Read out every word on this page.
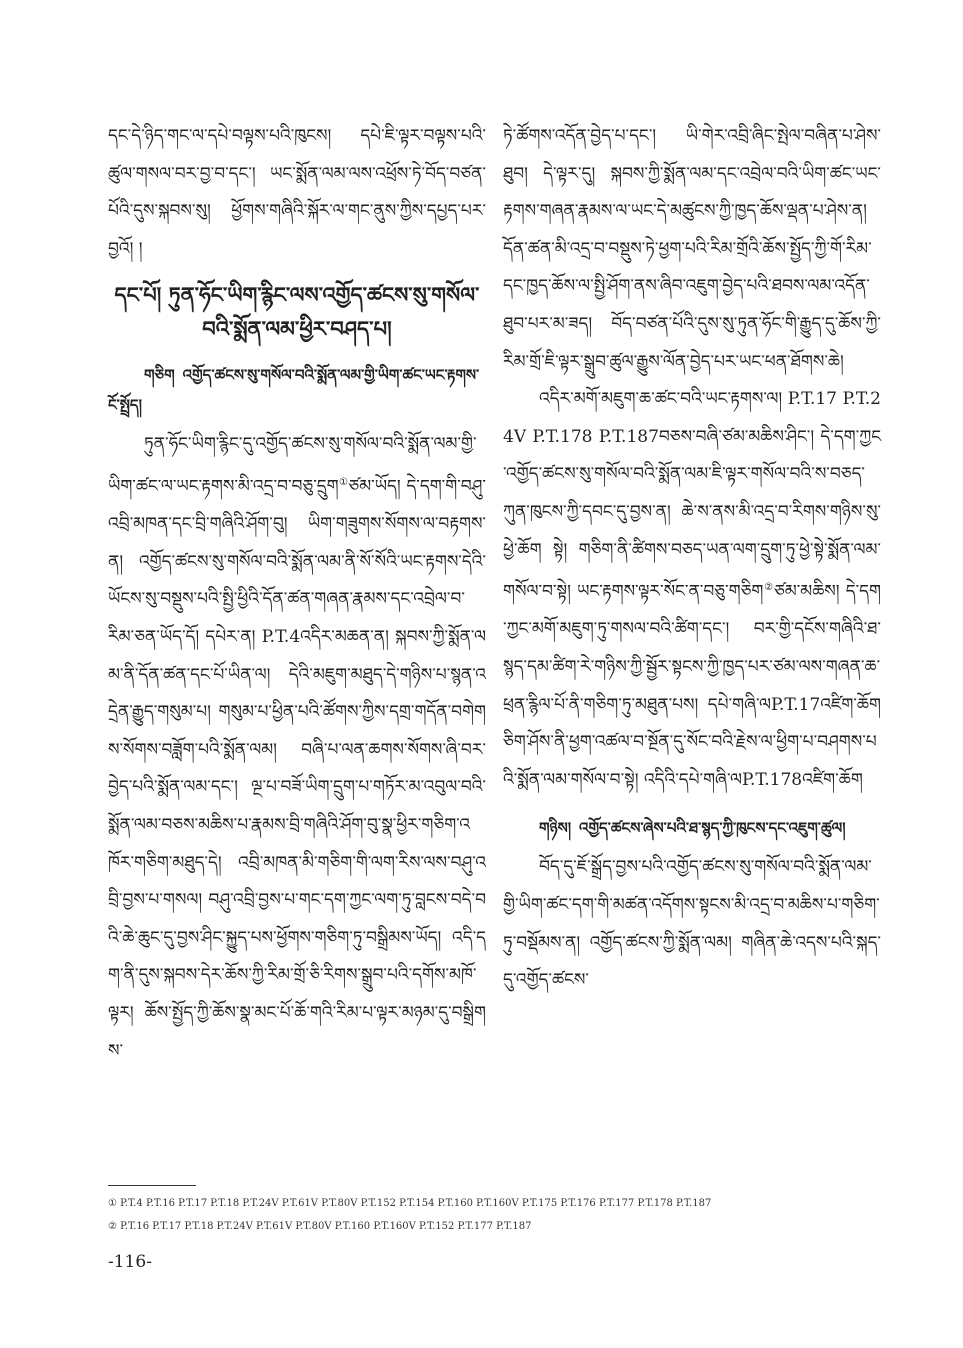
དང་དེ་ཉིད་གང་ལ་དཔེ་བལྟས་པའི་ཁུངས། དཔེ་ཇི་ལྟར་བལྟས་པའི་ཚུལ་གསལ་བར་བྱ་བ་དང་། ཡང་སྨོན་ལམ་ལས་འཕྲོས་ཏེ་བོད་བཙན་པོའི་དུས་སྐབས་སུ། ཕྱོགས་གཞིའི་སྐོར་ལ་གང་ནུས་ཀྱིས་དཔྱད་པར་བྱའོ། །

དང་པོ། ཏུན་ཧོང་ཡིག་རྙིང་ལས་འགྱོད་ཚངས་སུ་གསོལ་བའི་སྨོན་ལམ་ཕྱིར་བཤད་པ།
གཅིག འགྱོད་ཚངས་སུ་གསོལ་བའི་སྨོན་ལམ་གྱི་ཡིག་ཚང་ཡང་རྟགས་ངོ་སྤྲོད།

ཏུན་ཧོང་ཡིག་རྙིང་དུ་འགྱོད་ཚངས་སུ་གསོལ་བའི་སྨོན་ལམ་གྱི་ཡིག་ཚང་ལ་ཡང་རྟགས་མི་འདྲ་བ་བཅུ་དྲུག①ཙམ་ཡོད། དེ་དག་གི་བཤུ་འབྲི་མཁན་དང་བྲི་གཞིའི་ཤོག་བུ། ཡིག་གཟུགས་སོགས་ལ་བརྟགས་ན། འགྱོད་ཚངས་སུ་གསོལ་བའི་སྨོན་ལམ་ནི་སོ་སོའི་ཡང་རྟགས་དེའི་ཡོངས་སུ་བསྡུས་པའི་སྤྱི་ཕྱིའི་དོན་ཚན་གཞན་རྣམས་དང་འབྲེལ་བ་རིམ་ཅན་ཡོད་དོ། དཔེར་ན། P.T.4འདིར་མཆན་ན། སྐབས་ཀྱི་སྨོན་ལམ་ནི་དོན་ཚན་དང་པོ་ཡིན་ལ། དེའི་མཇུག་མཐུད་དེ་གཉིས་པ་སྙན་འདྲེན་རྒྱུད་གསུམ་པ། གསུམ་པ་ཕྱིན་པའི་ཚོགས་ཀྱིས་དགྲ་གདོན་བགེགས་སོགས་བཟློག་པའི་སྨོན་ལམ། བཞི་པ་ལན་ཆགས་སོགས་ཞི་བར་བྱེད་པའི་སྨོན་ལམ་དང་། ལྔ་པ་བཟོ་ཡིག་དྲུག་པ་གཏོར་མ་འབུལ་བའི་སྨོན་ལམ་བཅས་མཆིས་པ་རྣམས་བྲི་གཞིའི་ཤོག་བུ་སྣ་ཕྱིར་གཅིག་འཁོར་གཅིག་མཐུད་དེ། འབྲི་མཁན་མི་གཅིག་གི་ལག་རིས་ལས་བཤུ་འབྲི་བྱས་པ་གསལ། བཤུ་འབྲི་བྱས་པ་གང་དག་ཀྱང་ལག་ཏུ་བླངས་བདེ་བའི་ཆེ་ཆུང་དུ་བྱས་ཤིང་སྐྱུད་པས་ཕྱོགས་གཅིག་ཏུ་བསྒྲིམས་ཡོད། འདི་དག་ནི་དུས་སྐབས་དེར་ཆོས་ཀྱི་རིམ་གྲོ་ཅི་རིགས་སྒྲུབ་པའི་དགོས་མཁོ་ལྟར། ཆོས་སྤྱོད་ཀྱི་ཆོས་སྣ་མང་པོ་ཆོ་གའི་རིམ་པ་ལྟར་མཉམ་དུ་བསྒྲིགས་

ཏེ་ཚོགས་འདོན་བྱེད་པ་དང་། ཡི་གེར་འབྲི་ཞིང་སྤེལ་བཞིན་པ་ཤེས་ཐུབ། དེ་ལྟར་དུ། སྐབས་ཀྱི་སྨོན་ལམ་དང་འབྲེལ་བའི་ཡིག་ཚང་ཡང་རྟགས་གཞན་རྣམས་ལ་ཡང་དེ་མཚུངས་ཀྱི་ཁྱད་ཆོས་ལྡན་པ་ཤེས་ན། དོན་ཚན་མི་འདྲ་བ་བསྡུས་ཏེ་ཕྱག་པའི་རིམ་གྲོའི་ཆོས་སྤྱོད་ཀྱི་གོ་རིམ་དང་ཁྱད་ཆོས་ལ་སྤྱི་ཤོག་ནས་ཞིབ་འཇུག་བྱེད་པའི་ཐབས་ལམ་འདོན་ཐུབ་པར་མ་ཟད། བོད་བཙན་པོའི་དུས་སུ་ཏུན་ཧོང་གི་རྒྱུད་དུ་ཆོས་ཀྱི་རིམ་གྲོ་ཇི་ལྟར་སྒྲུབ་ཚུལ་རྒྱུས་ལོན་བྱེད་པར་ཡང་ཕན་ཐོགས་ཆེ།

འདིར་མགོ་མཇུག་ཆ་ཚང་བའི་ཡང་རྟགས་ལ། P.T.17 P.T.24V P.T.178 P.T.187བཅས་བཞི་ཙམ་མཆིས་ཤིང་། དེ་དག་ཀྱང་འགྱོད་ཚངས་སུ་གསོལ་བའི་སྨོན་ལམ་ཇི་ལྟར་གསོལ་བའི་ས་བཅད་ཀུན་ཁུངས་ཀྱི་དབང་དུ་བྱས་ན། ཆེ་ས་ནས་མི་འདྲ་བ་རིགས་གཉིས་སུ་ཕྱེ་ཆོག སྟེ། གཅིག་ནི་ཚིགས་བཅད་ཡན་ལག་དྲུག་ཏུ་ཕྱེ་སྟེ་སྨོན་ལམ་གསོལ་བ་སྟེ། ཡང་རྟགས་ལྟར་སོང་ན་བཅུ་གཅིག②ཙམ་མཆིས། དེ་དག་ཀྱང་མགོ་མཇུག་ཏུ་གསལ་བའི་ཚིག་དང་། བར་གྱི་དངོས་གཞིའི་ཐ་སྙད་དམ་ཚིག་རེ་གཉིས་ཀྱི་སྦྱོར་སྟངས་ཀྱི་ཁྱད་པར་ཙམ་ལས་གཞན་ཆ་ཕྲན་རྙིལ་པོ་ནི་གཅིག་ཏུ་མཐུན་པས། དཔེ་གཞི་ལP.T.17འཛིག་ཆོག ཅིག་ཤོས་ནི་ཕྱག་འཚལ་བ་སྔོན་དུ་སོང་བའི་རྗེས་ལ་ཕྱིག་པ་བཤགས་པའི་སྨོན་ལམ་གསོལ་བ་སྟེ། འདིའི་དཔེ་གཞི་ལP.T.178འཛིག་ཆོག

གཉིས། འགྱོད་ཚངས་ཞེས་པའི་ཐ་སྙད་ཀྱི་ཁུངས་དང་འཇུག་ཚུལ།

བོད་དུ་ཇོ་སྒྲོད་བྱས་པའི་འགྱོད་ཚངས་སུ་གསོལ་བའི་སྨོན་ལམ་གྱི་ཡིག་ཚང་དག་གི་མཚན་འདོགས་སྟངས་མི་འདྲ་བ་མཆིས་པ་གཅིག་ཏུ་བསྡོམས་ན། འགྱོད་ཚངས་ཀྱི་སྨོན་ལམ། གཞིན་ཆེ་འདས་པའི་སྐད་དུ་འགྱོད་ཚངས་

① P.T.4 P.T.16 P.T.17 P.T.18 P.T.24V P.T.61V P.T.80V P.T.152 P.T.154 P.T.160 P.T.160V P.T.175 P.T.176 P.T.177 P.T.178 P.T.187
② P.T.16 P.T.17 P.T.18 P.T.24V P.T.61V P.T.80V P.T.160 P.T.160V P.T.152 P.T.177 P.T.187
-116-
